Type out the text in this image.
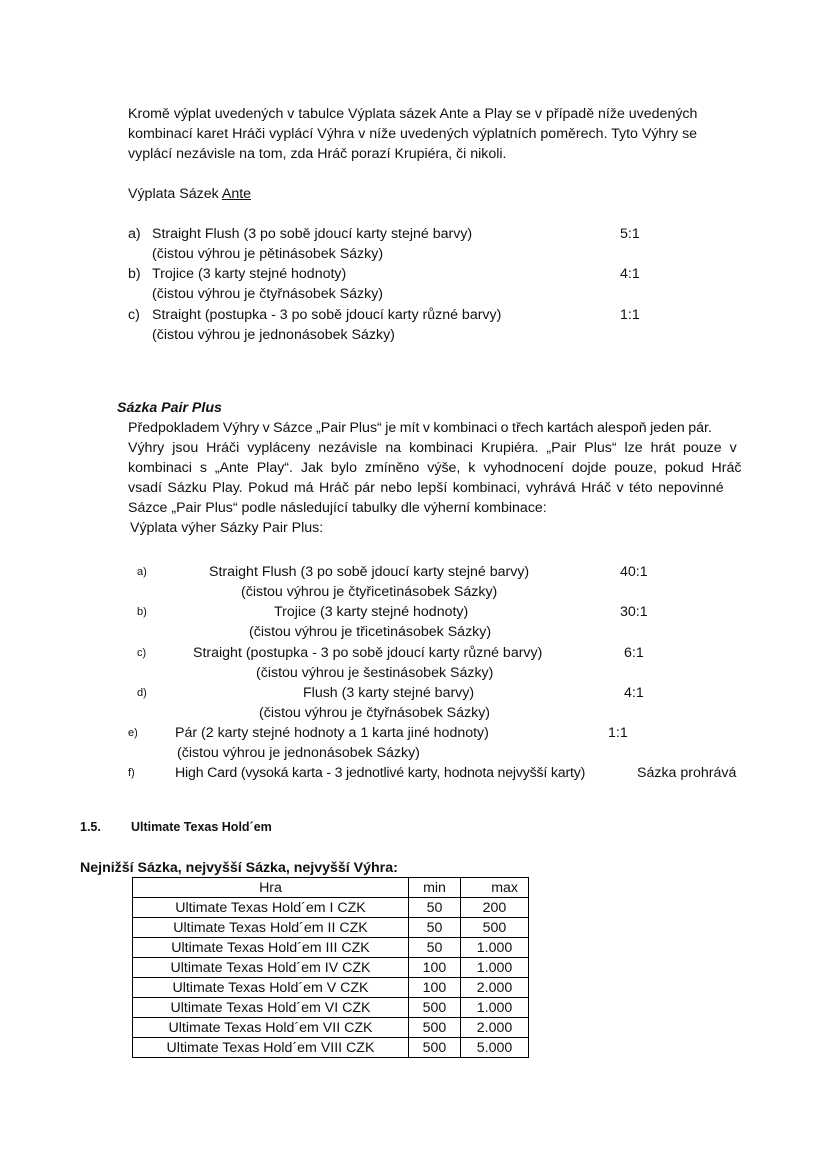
Kromě výplat uvedených v tabulce Výplata sázek Ante a Play se v případě níže uvedených
kombinací karet Hráči vyplácí Výhra v níže uvedených výplatních poměrech. Tyto Výhry se
vyplácí nezávisle na tom, zda Hráč porazí Krupiéra, či nikoli.
Výplata Sázek Ante
a) Straight Flush (3 po sobě jdoucí karty stejné barvy)	5:1
(čistou výhrou je pětinásobek Sázky)
b) Trojice (3 karty stejné hodnoty)	4:1
(čistou výhrou je čtyřnásobek Sázky)
c) Straight (postupka - 3 po sobě jdoucí karty různé barvy)	1:1
(čistou výhrou je jednonásobek Sázky)
Sázka Pair Plus
Předpokladem Výhry v Sázce „Pair Plus“ je mít v kombinaci o třech kartách alespoň jeden pár.
Výhry jsou Hráči vypláceny nezávisle na kombinaci Krupiéra. „Pair Plus“ lze hrát pouze v
kombinaci s „Ante Play“. Jak bylo zmíněno výše, k vyhodnocení dojde pouze, pokud Hráč
vsadí Sázku Play. Pokud má Hráč pár nebo lepší kombinaci, vyhrává Hráč v této nepovinné
Sázce „Pair Plus“ podle následující tabulky dle výherní kombinace:
Výplata výher Sázky Pair Plus:
a)	Straight Flush (3 po sobě jdoucí karty stejné barvy)	40:1
(čistou výhrou je čtyřicetinásobek Sázky)
b)	Trojice (3 karty stejné hodnoty)	30:1
(čistou výhrou je třicetinásobek Sázky)
c)	Straight (postupka - 3 po sobě jdoucí karty různé barvy)	6:1
(čistou výhrou je šestinásobek Sázky)
d)	Flush (3 karty stejné barvy)	4:1
(čistou výhrou je čtyřnásobek Sázky)
e)	Pár (2 karty stejné hodnoty a 1 karta jiné hodnoty)	1:1
(čistou výhrou je jednonásobek Sázky)
f)	High Card (vysoká karta - 3 jednotlivé karty, hodnota nejvyšší karty)	Sázka prohrává
1.5. Ultimate Texas Hold´em
Nejnižší Sázka, nejvyšší Sázka, nejvyšší Výhra:
Hra	min	max
Ultimate Texas Hold´em I CZK	50	200
Ultimate Texas Hold´em II CZK	50	500
Ultimate Texas Hold´em III CZK	50	1.000
Ultimate Texas Hold´em IV CZK	100	1.000
Ultimate Texas Hold´em V CZK	100	2.000
Ultimate Texas Hold´em VI CZK	500	1.000
Ultimate Texas Hold´em VII CZK	500	2.000
Ultimate Texas Hold´em VIII CZK	500	5.000
